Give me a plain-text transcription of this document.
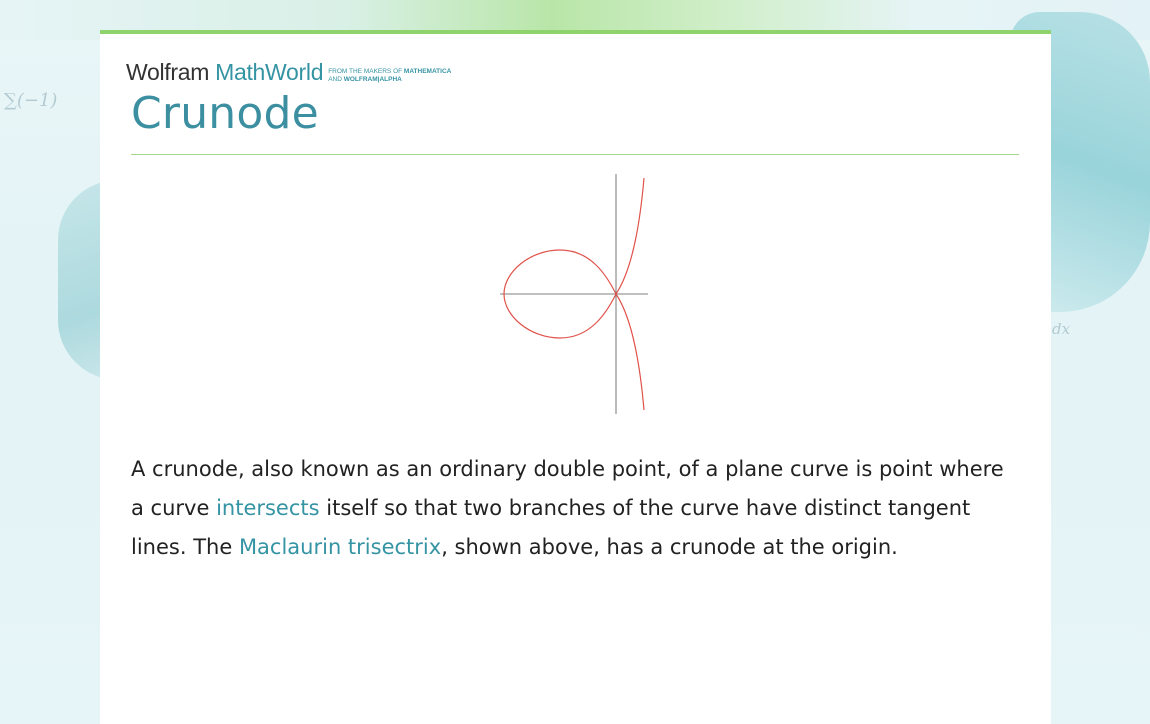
∑(−1)
dx
Wolfram MathWorld FROM THE MAKERS OF MATHEMATICA
AND WOLFRAM|ALPHA
Crunode

A crunode, also known as an ordinary double point, of a plane curve is point where a curve intersects itself so that two branches of the curve have distinct tangent lines. The Maclaurin trisectrix, shown above, has a crunode at the origin.
